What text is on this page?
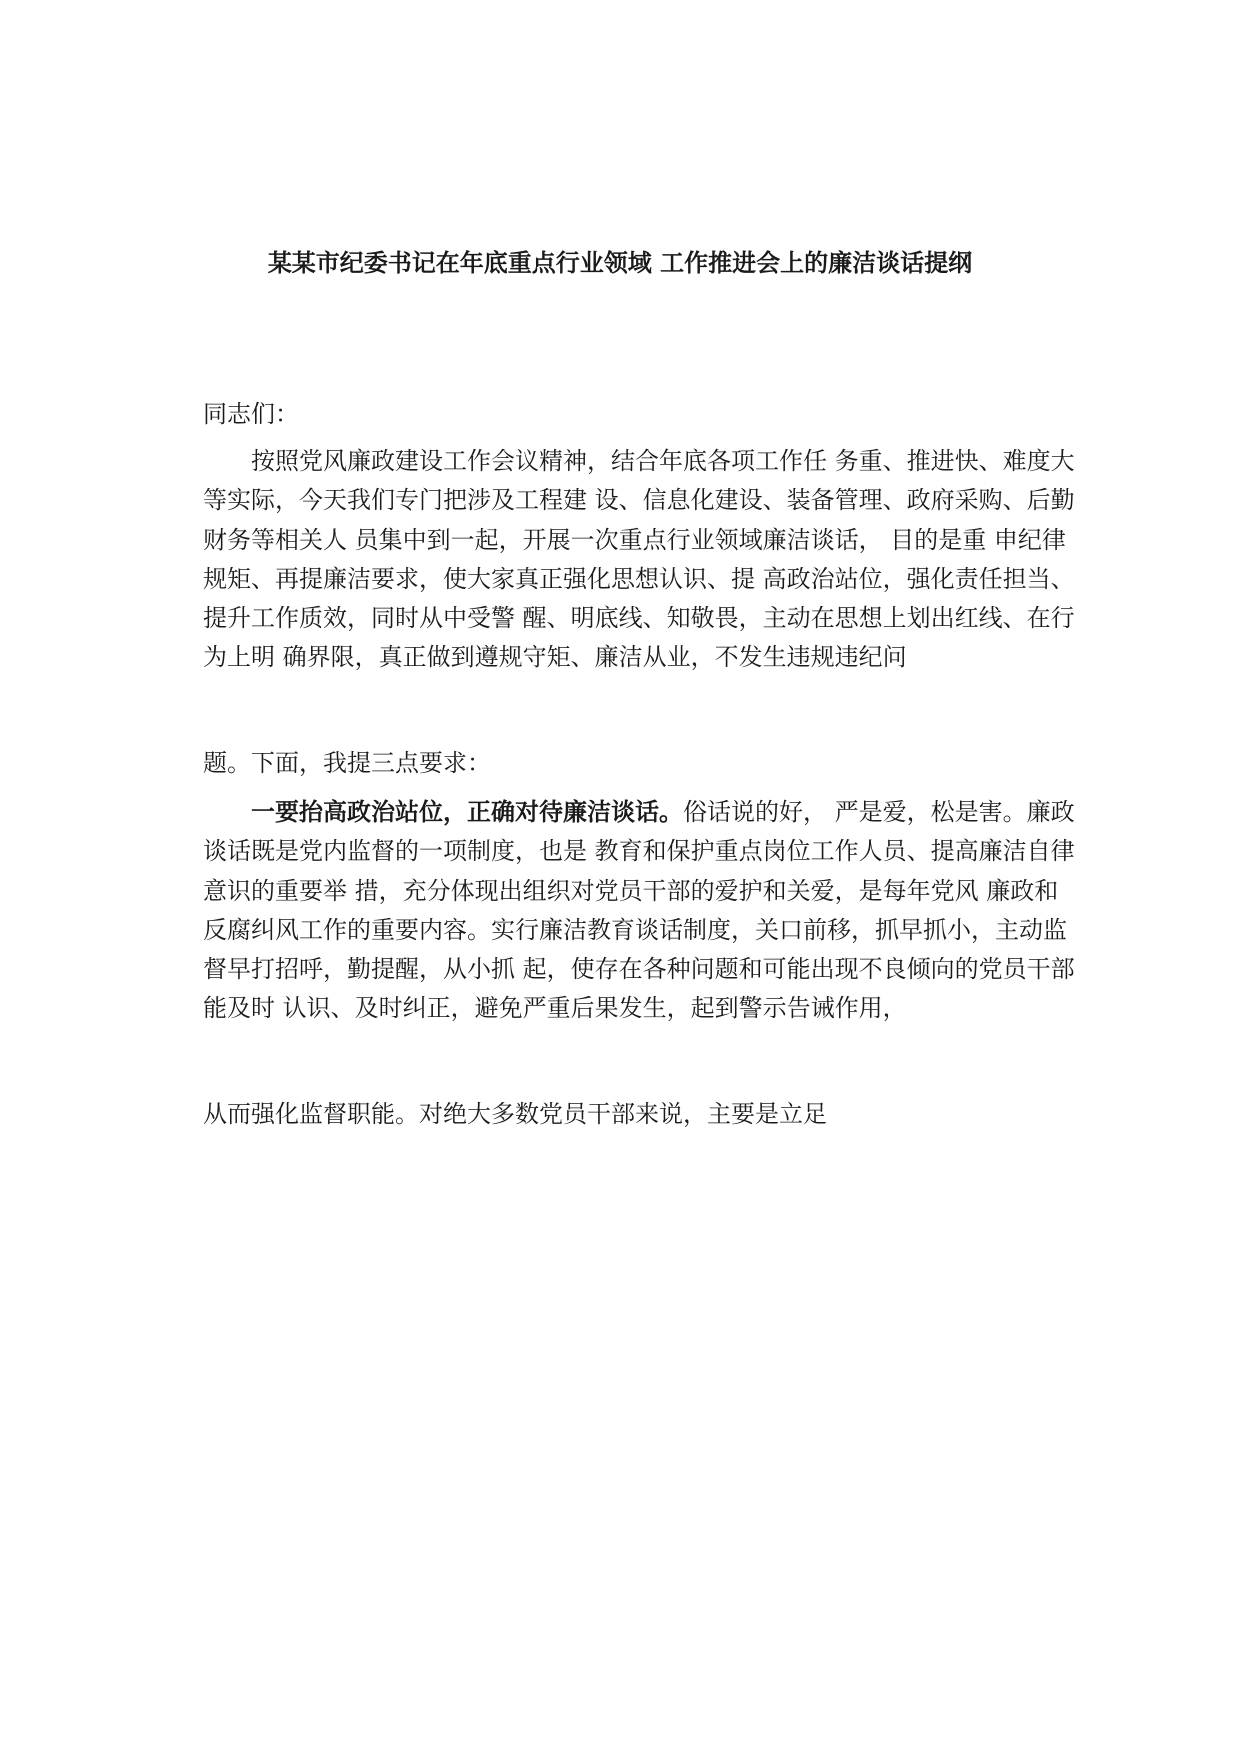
某某市纪委书记在年底重点行业领域 工作推进会上的廉洁谈话提纲

同志们：

按照党风廉政建设工作会议精神，结合年底各项工作任 务重、推进快、难度大等实际，今天我们专门把涉及工程建 设、信息化建设、装备管理、政府采购、后勤财务等相关人 员集中到一起，开展一次重点行业领域廉洁谈话， 目的是重 申纪律规矩、再提廉洁要求，使大家真正强化思想认识、提 高政治站位，强化责任担当、提升工作质效，同时从中受警 醒、明底线、知敬畏，主动在思想上划出红线、在行为上明 确界限，真正做到遵规守矩、廉洁从业，不发生违规违纪问

题。下面，我提三点要求：

一要抬高政治站位，正确对待廉洁谈话。俗话说的好， 严是爱，松是害。廉政谈话既是党内监督的一项制度，也是 教育和保护重点岗位工作人员、提高廉洁自律意识的重要举 措，充分体现出组织对党员干部的爱护和关爱，是每年党风 廉政和反腐纠风工作的重要内容。实行廉洁教育谈话制度，关口前移，抓早抓小，主动监督早打招呼，勤提醒，从小抓 起，使存在各种问题和可能出现不良倾向的党员干部能及时 认识、及时纠正，避免严重后果发生，起到警示告诫作用，

从而强化监督职能。对绝大多数党员干部来说，主要是立足
